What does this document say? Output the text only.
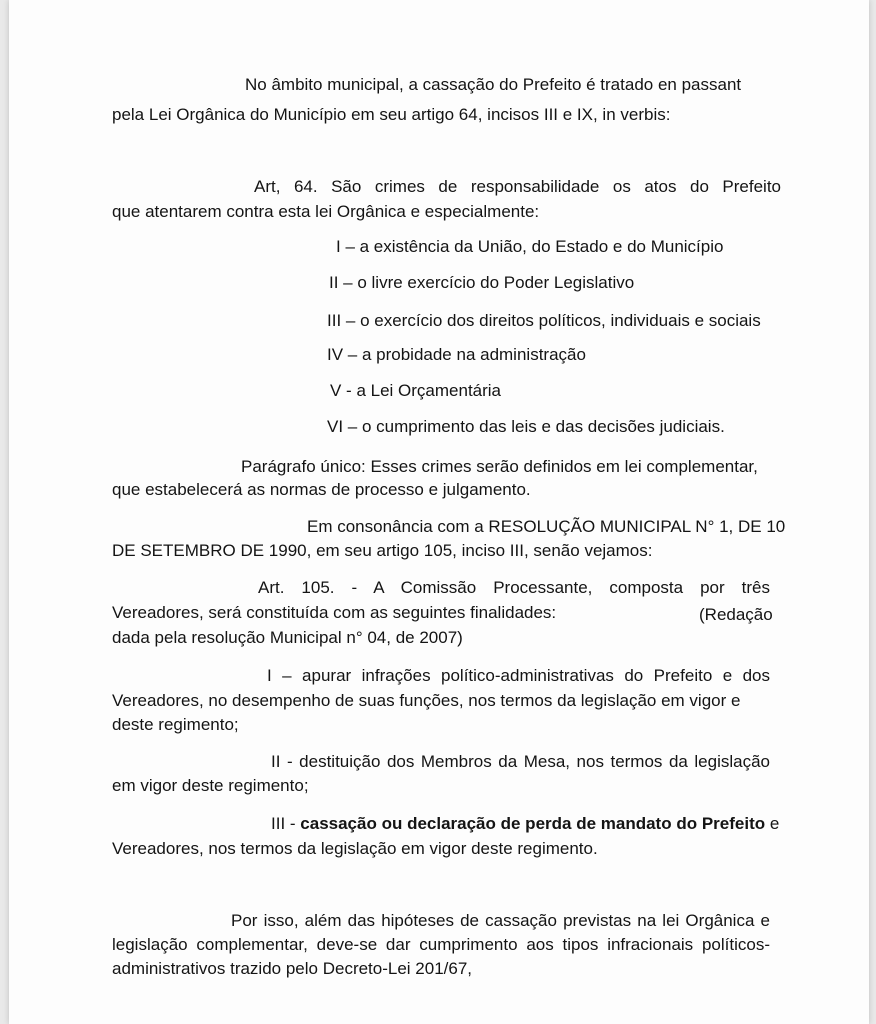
No âmbito municipal, a cassação do Prefeito é tratado en passant
pela Lei Orgânica do Município em seu artigo 64, incisos III e IX, in verbis:
Art, 64. São crimes de responsabilidade os atos do Prefeito
que atentarem contra esta lei Orgânica e especialmente:
I – a existência da União, do Estado e do Município
II – o livre exercício do Poder Legislativo
III – o exercício dos direitos políticos, individuais e sociais
IV – a probidade na administração
V - a Lei Orçamentária
VI – o cumprimento das leis e das decisões judiciais.
Parágrafo único: Esses crimes serão definidos em lei complementar,
que estabelecerá as normas de processo e julgamento.
Em consonância com a RESOLUÇÃO MUNICIPAL N° 1, DE 10
DE SETEMBRO DE 1990, em seu artigo 105, inciso III, senão vejamos:
Art. 105. - A Comissão Processante, composta por três
Vereadores, será constituída com as seguintes finalidades:	(Redação
dada pela resolução Municipal n° 04, de 2007)
I – apurar infrações político-administrativas do Prefeito e dos
Vereadores, no desempenho de suas funções, nos termos da legislação em vigor e
deste regimento;
II - destituição dos Membros da Mesa, nos termos da legislação
em vigor deste regimento;
III - cassação ou declaração de perda de mandato do Prefeito e
Vereadores, nos termos da legislação em vigor deste regimento.
Por isso, além das hipóteses de cassação previstas na lei Orgânica e
legislação complementar, deve-se dar cumprimento aos tipos infracionais políticos-
administrativos trazido pelo Decreto-Lei 201/67,
